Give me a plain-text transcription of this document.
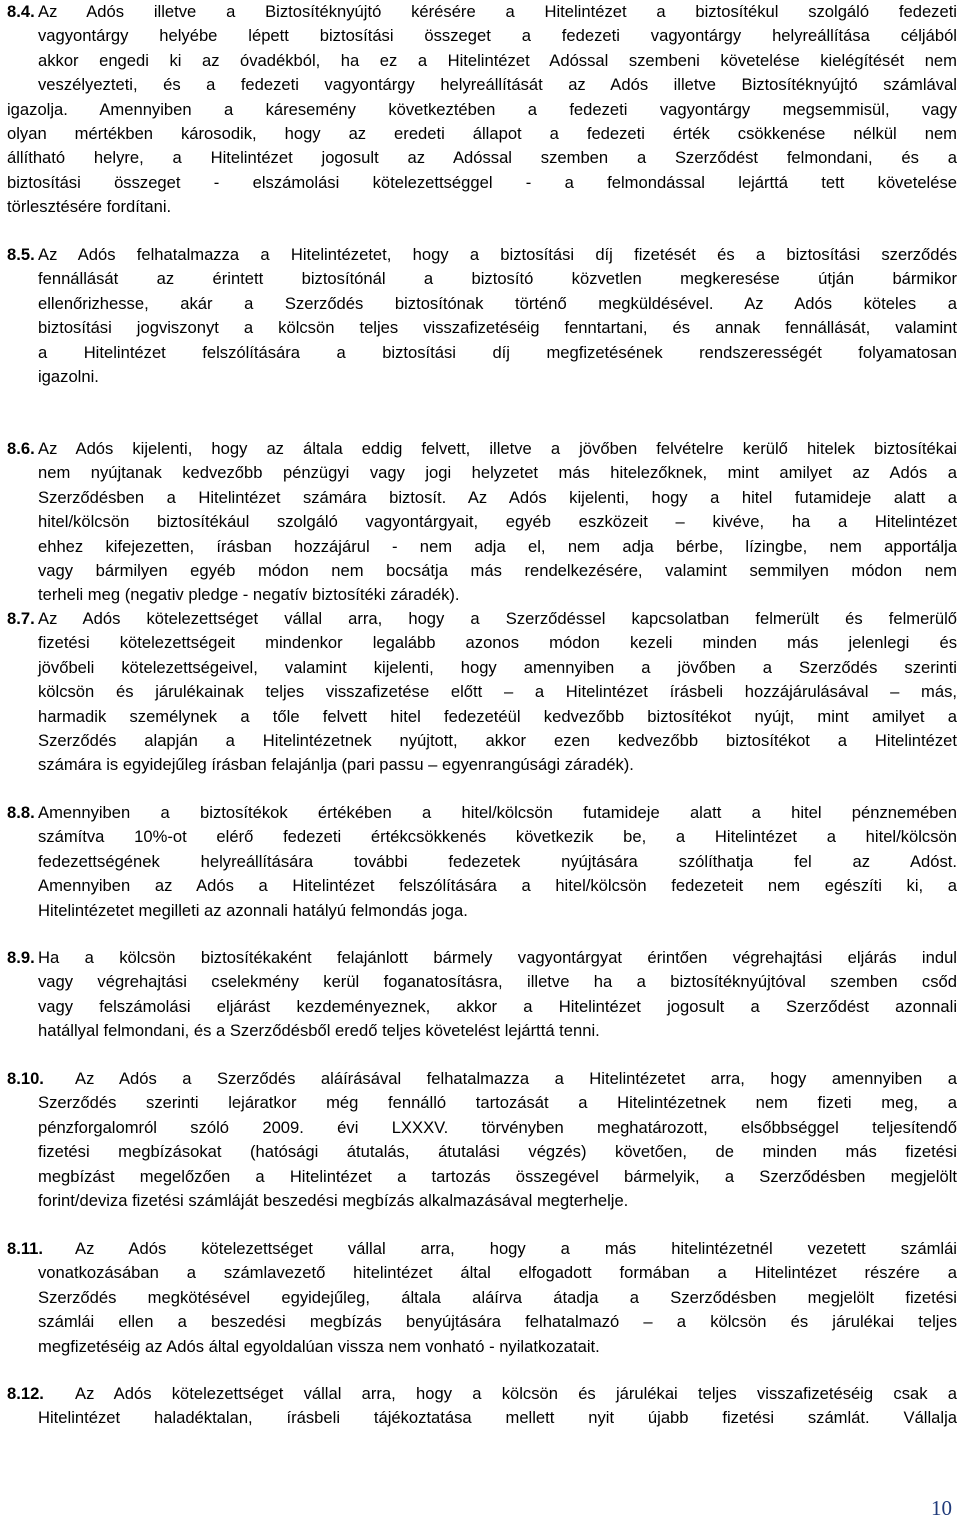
8.4. Az Adós illetve a Biztosítéknyújtó kérésére a Hitelintézet a biztosítékul szolgáló fedezeti
vagyontárgy helyébe lépett biztosítási összeget a fedezeti vagyontárgy helyreállítása céljából
akkor engedi ki az óvadékból, ha ez a Hitelintézet Adóssal szembeni követelése kielégítését nem
veszélyezteti, és a fedezeti vagyontárgy helyreállítását az Adós illetve Biztosítéknyújtó számlával
igazolja. Amennyiben a káresemény következtében a fedezeti vagyontárgy megsemmisül, vagy
olyan mértékben károsodik, hogy az eredeti állapot a fedezeti érték csökkenése nélkül nem
állítható helyre, a Hitelintézet jogosult az Adóssal szemben a Szerződést felmondani, és a
biztosítási összeget - elszámolási kötelezettséggel - a felmondással lejárttá tett követelése
törlesztésére fordítani.
8.5. Az Adós felhatalmazza a Hitelintézetet, hogy a biztosítási díj fizetését és a biztosítási szerződés
fennállását az érintett biztosítónál a biztosító közvetlen megkeresése útján bármikor
ellenőrizhesse, akár a Szerződés biztosítónak történő megküldésével. Az Adós köteles a
biztosítási jogviszonyt a kölcsön teljes visszafizetéséig fenntartani, és annak fennállását, valamint
a Hitelintézet felszólítására a biztosítási díj megfizetésének rendszerességét folyamatosan
igazolni.
8.6. Az Adós kijelenti, hogy az általa eddig felvett, illetve a jövőben felvételre kerülő hitelek biztosítékai
nem nyújtanak kedvezőbb pénzügyi vagy jogi helyzetet más hitelezőknek, mint amilyet az Adós a
Szerződésben a Hitelintézet számára biztosít. Az Adós kijelenti, hogy a hitel futamideje alatt a
hitel/kölcsön biztosítékául szolgáló vagyontárgyait, egyéb eszközeit – kivéve, ha a Hitelintézet
ehhez kifejezetten, írásban hozzájárul - nem adja el, nem adja bérbe, lízingbe, nem apportálja
vagy bármilyen egyéb módon nem bocsátja más rendelkezésére, valamint semmilyen módon nem
terheli meg (negativ pledge - negatív biztosítéki záradék).
8.7. Az Adós kötelezettséget vállal arra, hogy a Szerződéssel kapcsolatban felmerült és felmerülő
fizetési kötelezettségeit mindenkor legalább azonos módon kezeli minden más jelenlegi és
jövőbeli kötelezettségeivel, valamint kijelenti, hogy amennyiben a jövőben a Szerződés szerinti
kölcsön és járulékainak teljes visszafizetése előtt – a Hitelintézet írásbeli hozzájárulásával – más,
harmadik személynek a tőle felvett hitel fedezetéül kedvezőbb biztosítékot nyújt, mint amilyet a
Szerződés alapján a Hitelintézetnek nyújtott, akkor ezen kedvezőbb biztosítékot a Hitelintézet
számára is egyidejűleg írásban felajánlja (pari passu – egyenrangúsági záradék).
8.8. Amennyiben a biztosítékok értékében a hitel/kölcsön futamideje alatt a hitel pénznemében
számítva 10%-ot elérő fedezeti értékcsökkenés következik be, a Hitelintézet a hitel/kölcsön
fedezettségének helyreállítására további fedezetek nyújtására szólíthatja fel az Adóst.
Amennyiben az Adós a Hitelintézet felszólítására a hitel/kölcsön fedezeteit nem egészíti ki, a
Hitelintézetet megilleti az azonnali hatályú felmondás joga.
8.9. Ha a kölcsön biztosítékaként felajánlott bármely vagyontárgyat érintően végrehajtási eljárás indul
vagy végrehajtási cselekmény kerül foganatosításra, illetve ha a biztosítéknyújtóval szemben csőd
vagy felszámolási eljárást kezdeményeznek, akkor a Hitelintézet jogosult a Szerződést azonnali
hatállyal felmondani, és a Szerződésből eredő teljes követelést lejárttá tenni.
8.10. Az Adós a Szerződés aláírásával felhatalmazza a Hitelintézetet arra, hogy amennyiben a
Szerződés szerinti lejáratkor még fennálló tartozását a Hitelintézetnek nem fizeti meg, a
pénzforgalomról szóló 2009. évi LXXXV. törvényben meghatározott, elsőbbséggel teljesítendő
fizetési megbízásokat (hatósági átutalás, átutalási végzés) követően, de minden más fizetési
megbízást megelőzően a Hitelintézet a tartozás összegével bármelyik, a Szerződésben megjelölt
forint/deviza fizetési számláját beszedési megbízás alkalmazásával megterhelje.
8.11. Az Adós kötelezettséget vállal arra, hogy a más hitelintézetnél vezetett számlái
vonatkozásában a számlavezető hitelintézet által elfogadott formában a Hitelintézet részére a
Szerződés megkötésével egyidejűleg, általa aláírva átadja a Szerződésben megjelölt fizetési
számlái ellen a beszedési megbízás benyújtására felhatalmazó – a kölcsön és járulékai teljes
megfizetéséig az Adós által egyoldalúan vissza nem vonható - nyilatkozatait.
8.12. Az Adós kötelezettséget vállal arra, hogy a kölcsön és járulékai teljes visszafizetéséig csak a
Hitelintézet haladéktalan, írásbeli tájékoztatása mellett nyit újabb fizetési számlát. Vállalja
10
